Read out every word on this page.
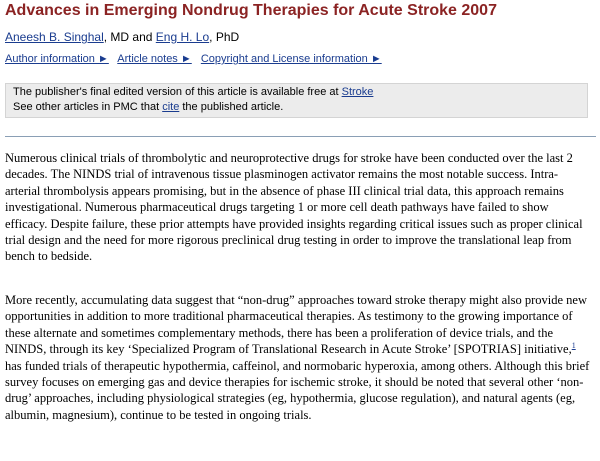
Advances in Emerging Nondrug Therapies for Acute Stroke 2007
Aneesh B. Singhal, MD and Eng H. Lo, PhD
Author information ► Article notes ► Copyright and License information ►
The publisher's final edited version of this article is available free at Stroke
See other articles in PMC that cite the published article.

Numerous clinical trials of thrombolytic and neuroprotective drugs for stroke have been conducted over the last 2 decades. The NINDS trial of intravenous tissue plasminogen activator remains the most notable success. Intra-arterial thrombolysis appears promising, but in the absence of phase III clinical trial data, this approach remains investigational. Numerous pharmaceutical drugs targeting 1 or more cell death pathways have failed to show efficacy. Despite failure, these prior attempts have provided insights regarding critical issues such as proper clinical trial design and the need for more rigorous preclinical drug testing in order to improve the translational leap from bench to bedside.

More recently, accumulating data suggest that “non-drug” approaches toward stroke therapy might also provide new opportunities in addition to more traditional pharmaceutical therapies. As testimony to the growing importance of these alternate and sometimes complementary methods, there has been a proliferation of device trials, and the NINDS, through its key ‘Specialized Program of Translational Research in Acute Stroke’ [SPOTRIAS] initiative,$^1$ has funded trials of therapeutic hypothermia, caffeinol, and normobaric hyperoxia, among others. Although this brief survey focuses on emerging gas and device therapies for ischemic stroke, it should be noted that several other ‘non-drug’ approaches, including physiological strategies (eg, hypothermia, glucose regulation), and natural agents (eg, albumin, magnesium), continue to be tested in ongoing trials.
